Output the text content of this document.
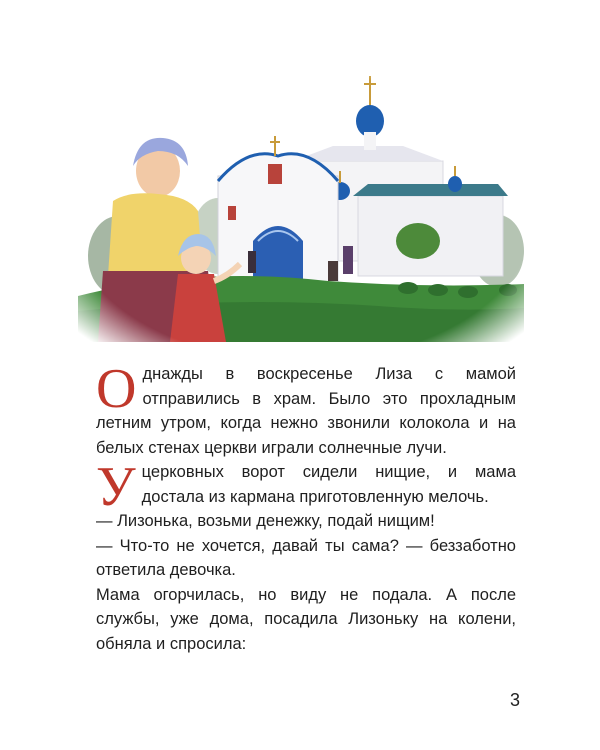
Однажды в воскресенье Лиза с мамой отправились в храм. Было это прохладным летним утром, когда нежно звонили колокола и на белых стенах церкви играли солнечные лучи.

У церковных ворот сидели нищие, и мама достала из кармана приготовленную мелочь.

— Лизонька, возьми денежку, подай нищим!

— Что-то не хочется, давай ты сама? — беззаботно ответила девочка.

Мама огорчилась, но виду не подала. А после службы, уже дома, посадила Лизоньку на колени, обняла и спросила:

3
